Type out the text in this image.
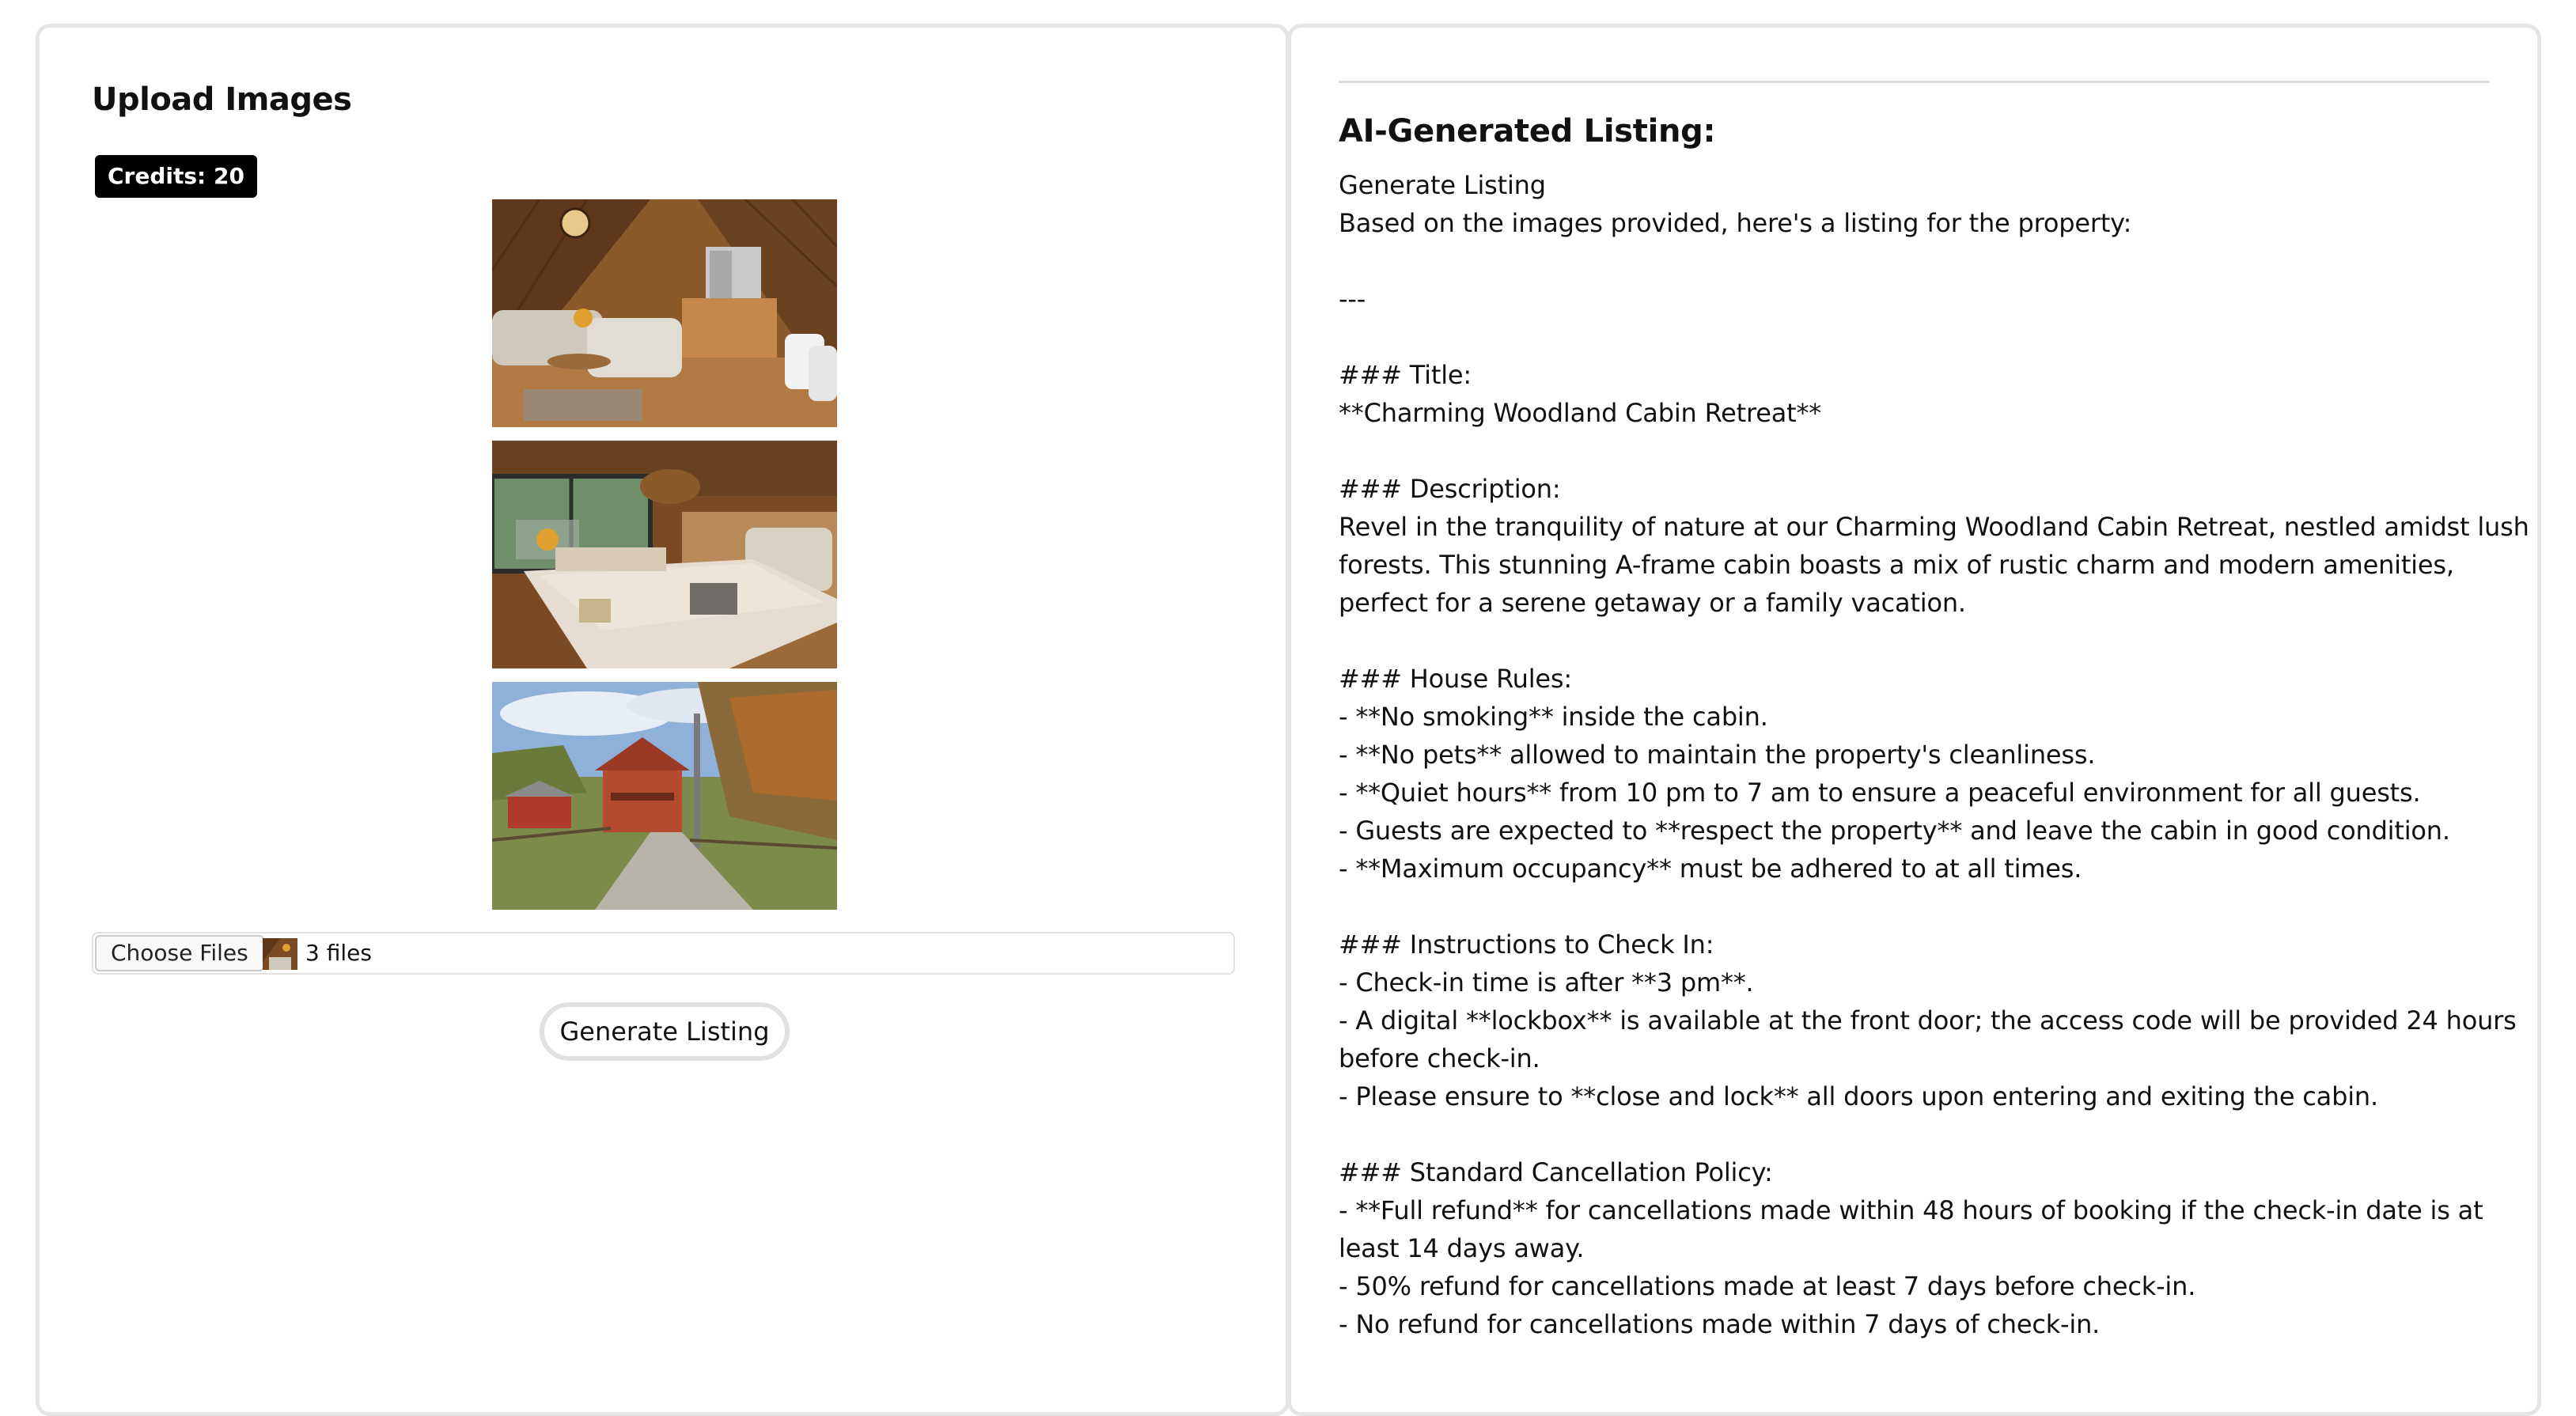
Upload Images
Credits: 20
Choose Files	3 files
Generate Listing
AI-Generated Listing:
Generate Listing
Based on the images provided, here's a listing for the property:
---
### Title:
**Charming Woodland Cabin Retreat**
### Description:
Revel in the tranquility of nature at our Charming Woodland Cabin Retreat, nestled amidst lush
forests. This stunning A-frame cabin boasts a mix of rustic charm and modern amenities,
perfect for a serene getaway or a family vacation.
### House Rules:
- **No smoking** inside the cabin.
- **No pets** allowed to maintain the property's cleanliness.
- **Quiet hours** from 10 pm to 7 am to ensure a peaceful environment for all guests.
- Guests are expected to **respect the property** and leave the cabin in good condition.
- **Maximum occupancy** must be adhered to at all times.
### Instructions to Check In:
- Check-in time is after **3 pm**.
- A digital **lockbox** is available at the front door; the access code will be provided 24 hours
before check-in.
- Please ensure to **close and lock** all doors upon entering and exiting the cabin.
### Standard Cancellation Policy:
- **Full refund** for cancellations made within 48 hours of booking if the check-in date is at
least 14 days away.
- 50% refund for cancellations made at least 7 days before check-in.
- No refund for cancellations made within 7 days of check-in.
